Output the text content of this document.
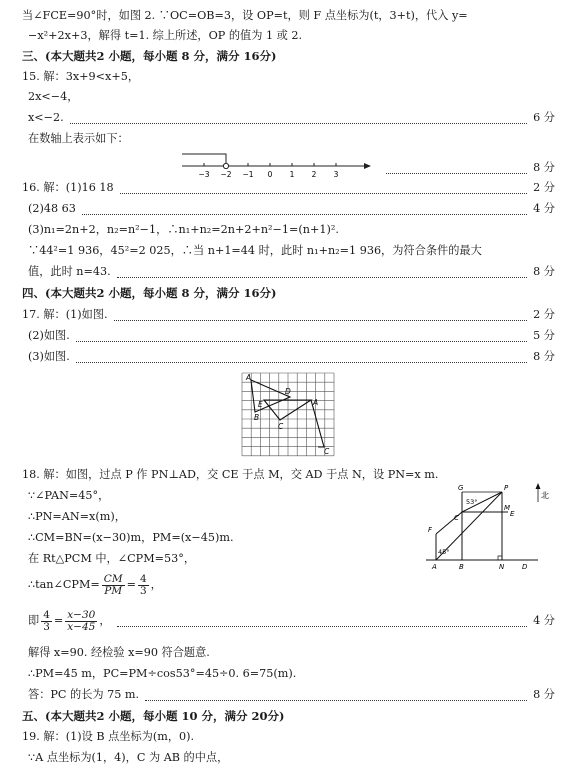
当∠FCE=90°时，如图 2. ∵OC=OB=3，设 OP=t，则 F 点坐标为(t，3+t)，代入 y=
−x²+2x+3，解得 t=1. 综上所述，OP 的值为 1 或 2.
三、(本大题共2 小题，每小题 8 分，满分 16分)
15. 解：3x+9<x+5，
2x<−4，
x<−2.	6 分
在数轴上表示如下：
−3 −2 −1 0 1 2 3
8 分
16. 解：(1)16 18	2 分
(2)48 63	4 分
(3)n₁=2n+2，n₂=n²−1，∴n₁+n₂=2n+2+n²−1=(n+1)².
∵44²=1 936，45²=2 025，∴当 n+1=44 时，此时 n₁+n₂=1 936，为符合条件的最大
值，此时 n=43.	8 分
四、(本大题共2 小题，每小题 8 分，满分 16分)
17. 解：(1)如图.	2 分
(2)如图.	5 分
(3)如图.	8 分
A
D
E	A
B
C
C
18. 解：如图，过点 P 作 PN⊥AD，交 CE 于点 M，交 AD 于点 N，设 PN=x m.
∵∠PAN=45°，
∴PN=AN=x(m)，
∴CM=BN=(x−30)m，PM=(x−45)m.
在 Rt△PCM 中，∠CPM=53°，
∴tan∠CPM= $\frac{CM}{PM} = \frac{4}{3}$ ，
即 $\frac{4}{3} = \frac{x-30}{x-45}$ ，	4 分
解得 x=90. 经检验 x=90 符合题意.
∴PM=45 m，PC=PM÷cos53°=45÷0. 6=75(m).
答：PC 的长为 75 m.	8 分
G	P
53°
M
F
C	E
45°
A	B	N	D
北
五、(本大题共2 小题，每小题 10 分，满分 20分)
19. 解：(1)设 B 点坐标为(m，0).
∵A 点坐标为(1，4)，C 为 AB 的中点，
